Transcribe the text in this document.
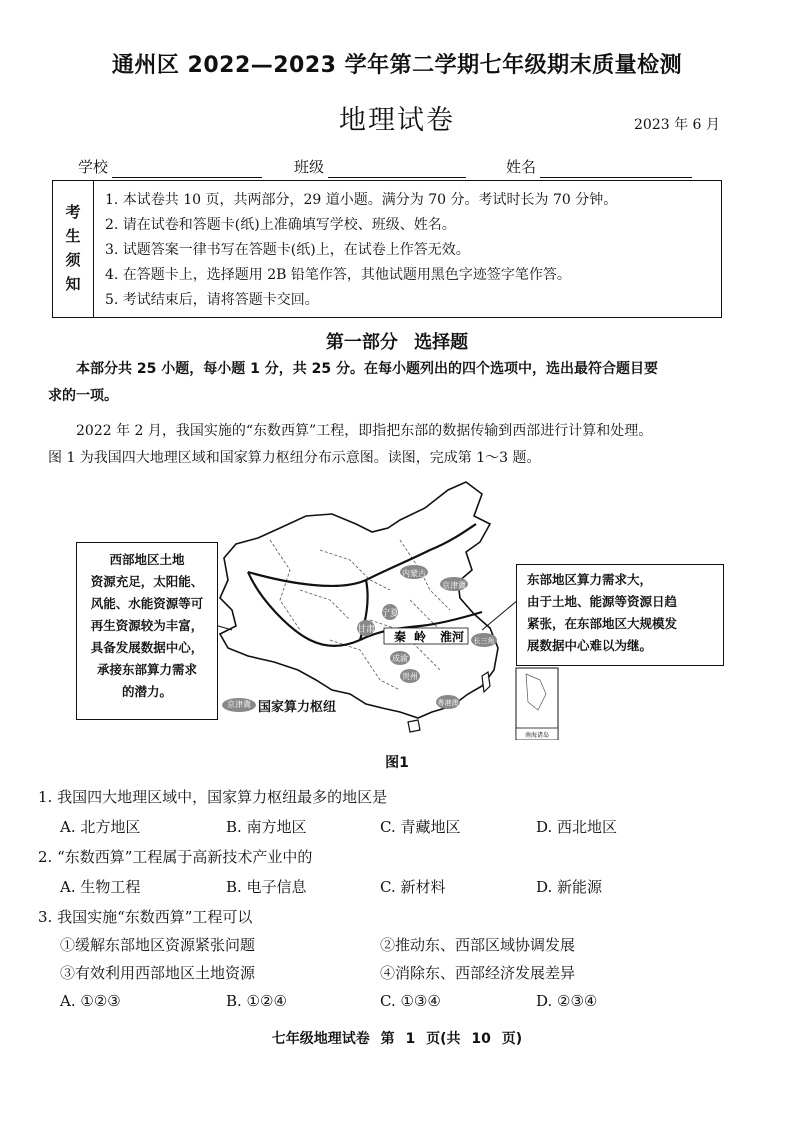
通州区 2022—2023 学年第二学期七年级期末质量检测
地理试卷	2023 年 6 月
学校	班级	姓名
考
生
须
知
1. 本试卷共 10 页，共两部分，29 道小题。满分为 70 分。考试时长为 70 分钟。
2. 请在试卷和答题卡(纸)上准确填写学校、班级、姓名。
3. 试题答案一律书写在答题卡(纸)上，在试卷上作答无效。
4. 在答题卡上，选择题用 2B 铅笔作答，其他试题用黑色字迹签字笔作答。
5. 考试结束后，请将答题卡交回。
第一部分 选择题
本部分共 25 小题，每小题 1 分，共 25 分。在每小题列出的四个选项中，选出最符合题目要
求的一项。
2022 年 2 月，我国实施的“东数西算”工程，即指把东部的数据传输到西部进行计算和处理。
图 1 为我国四大地理区域和国家算力枢纽分布示意图。读图，完成第 1～3 题。
内蒙古
京津冀
宁夏
甘肃
长三角
成渝
贵州
粤港澳
秦 岭 淮河
南海诸岛
西部地区土地
资源充足，太阳能、
风能、水能资源等可
再生资源较为丰富，
具备发展数据中心，
承接东部算力需求
的潜力。
东部地区算力需求大，
由于土地、能源等资源日趋
紧张，在东部地区大规模发
展数据中心难以为继。
京津冀 国家算力枢纽
图1
1. 我国四大地理区域中，国家算力枢纽最多的地区是
A. 北方地区	B. 南方地区	C. 青藏地区	D. 西北地区
2. “东数西算”工程属于高新技术产业中的
A. 生物工程	B. 电子信息	C. 新材料	D. 新能源
3. 我国实施“东数西算”工程可以
①缓解东部地区资源紧张问题	②推动东、西部区域协调发展
③有效利用西部地区土地资源	④消除东、西部经济发展差异
A. ①②③	B. ①②④	C. ①③④	D. ②③④
七年级地理试卷 第 1 页(共 10 页)
